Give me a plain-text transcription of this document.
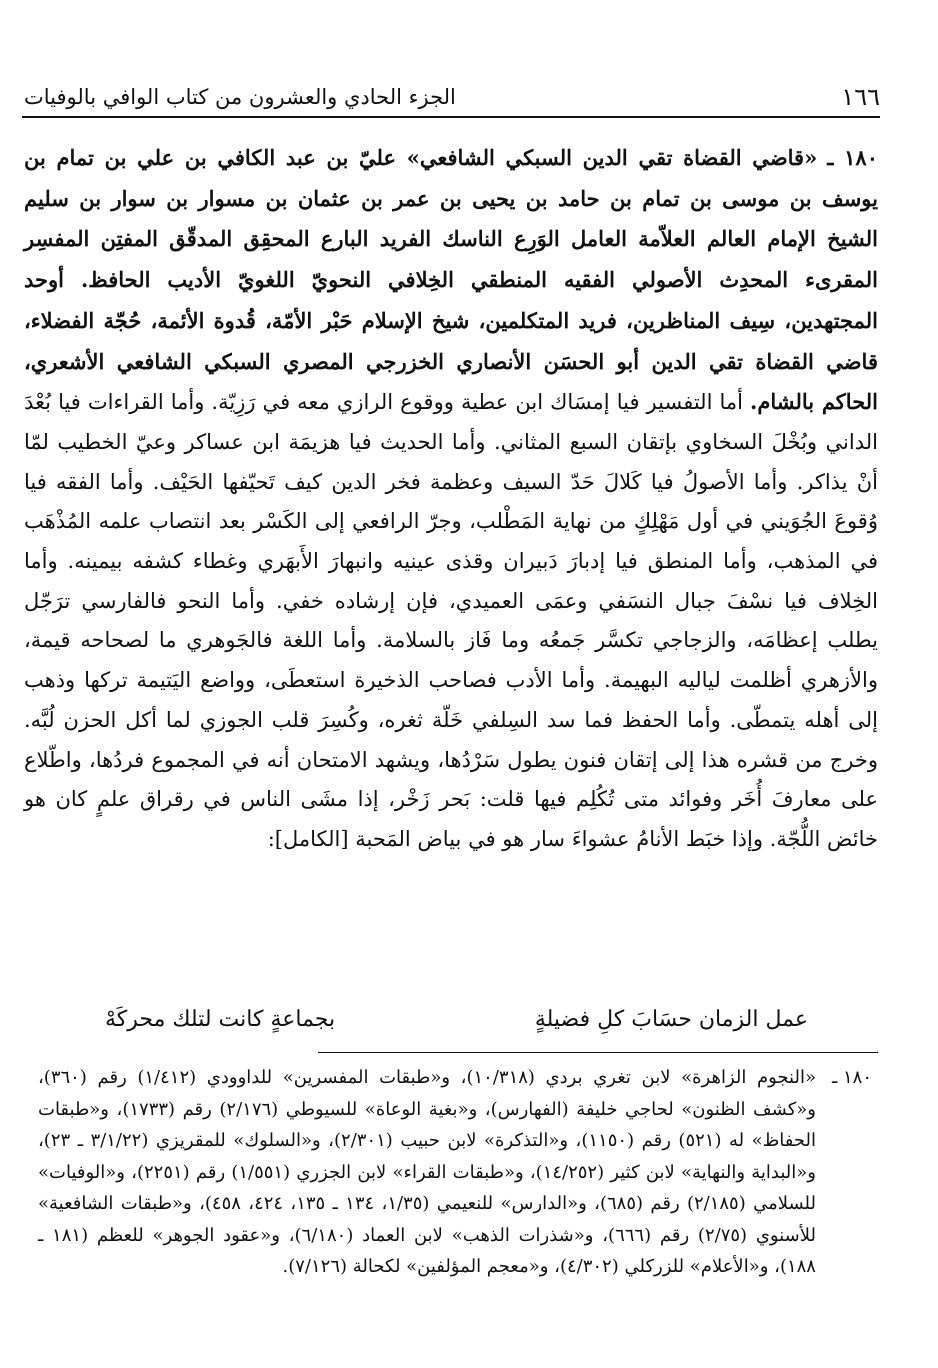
١٦٦
الجزء الحادي والعشرون من كتاب الوافي بالوفيات

١٨٠ ـ «قاضي القضاة تقي الدين السبكي الشافعي» عليّ بن عبد الكافي بن علي بن تمام بن يوسف بن موسى بن تمام بن حامد بن يحيى بن عمر بن عثمان بن مسوار بن سوار بن سليم الشيخ الإمام العالم العلاّمة العامل الوَرِع الناسك الفريد البارع المحقِق المدقّق المفتِن المفسِر المقرىء المحدِث الأصولي الفقيه المنطقي الخِلافي النحويّ اللغويّ الأديب الحافظ. أوحد المجتهدين، سِيف المناظرين، فريد المتكلمين، شيخ الإسلام حَبْر الأمّة، قُدوة الأئمة، حُجّة الفضلاء، قاضي القضاة تقي الدين أبو الحسَن الأنصاري الخزرجي المصري السبكي الشافعي الأشعري، الحاكم بالشام. أما التفسير فيا إمسَاك ابن عطية ووقوع الرازي معه في رَزِيّة. وأما القراءات فيا بُعْدَ الداني وبُخْلَ السخاوي بإتقان السبع المثاني. وأما الحديث فيا هزيمَة ابن عساكر وعيّ الخطيب لمّا أنْ يذاكر. وأما الأصولُ فيا كَلالَ حَدّ السيف وعظمة فخر الدين كيف تَحيّفها الحَيْف. وأما الفقه فيا وُقوعَ الجُوَيني في أول مَهْلِكٍ من نهاية المَطْلب، وجرّ الرافعي إلى الكَسْر بعد انتصاب علمه المُذْهَب في المذهب، وأما المنطق فيا إدبارَ دَبيران وقذى عينيه وانبهارَ الأَبهَري وغطاء كشفه بيمينه. وأما الخِلاف فيا نسْفَ جبال النسَفي وعمَى العميدي، فإن إرشاده خفي. وأما النحو فالفارسي ترَجّل يطلب إعظامَه، والزجاجي تكسَّر جَمعُه وما فَاز بالسلامة. وأما اللغة فالجَوهري ما لصحاحه قيمة، والأزهري أظلمت لياليه البهيمة. وأما الأدب فصاحب الذخيرة استعطَى، وواضع اليَتيمة تركها وذهب إلى أهله يتمطّى. وأما الحفظ فما سد السِلفي خَلّة ثغره، وكُسِرَ قلب الجوزي لما أكل الحزن لُبَّه. وخرج من قشره هذا إلى إتقان فنون يطول سَرْدُها، ويشهد الامتحان أنه في المجموع فردُها، واطّلاع على معارفَ أُخَر وفوائد متى تُكُلِم فيها قلت: بَحر زَخْر، إذا مشَى الناس في رقراق علمٍ كان هو خائض اللُّجّة. وإذا خبَط الأنامُ عشواءَ سار هو في بياض المَحبة [الكامل]:

عمل الزمان حسَابَ كلِ فضيلةٍ
بجماعةٍ كانت لتلك محركَهْ
١٨٠ ـ
«النجوم الزاهرة» لابن تغري بردي (١٠/٣١٨)، و«طبقات المفسرين» للداوودي (١/٤١٢) رقم (٣٦٠)، و«كشف الظنون» لحاجي خليفة (الفهارس)، و«بغية الوعاة» للسيوطي (٢/١٧٦) رقم (١٧٣٣)، و«طبقات الحفاظ» له (٥٢١) رقم (١١٥٠)، و«التذكرة» لابن حبيب (٢/٣٠١)، و«السلوك» للمقريزي (٣/١/٢٢ ـ ٢٣)، و«البداية والنهاية» لابن كثير (١٤/٢٥٢)، و«طبقات القراء» لابن الجزري (١/٥٥١) رقم (٢٢٥١)، و«الوفيات» للسلامي (٢/١٨٥) رقم (٦٨٥)، و«الدارس» للنعيمي (١/٣٥، ١٣٤ ـ ١٣٥، ٤٢٤، ٤٥٨)، و«طبقات الشافعية» للأسنوي (٢/٧٥) رقم (٦٦٦)، و«شذرات الذهب» لابن العماد (٦/١٨٠)، و«عقود الجوهر» للعظم (١٨١ ـ ١٨٨)، و«الأعلام» للزركلي (٤/٣٠٢)، و«معجم المؤلفين» لكحالة (٧/١٢٦).
